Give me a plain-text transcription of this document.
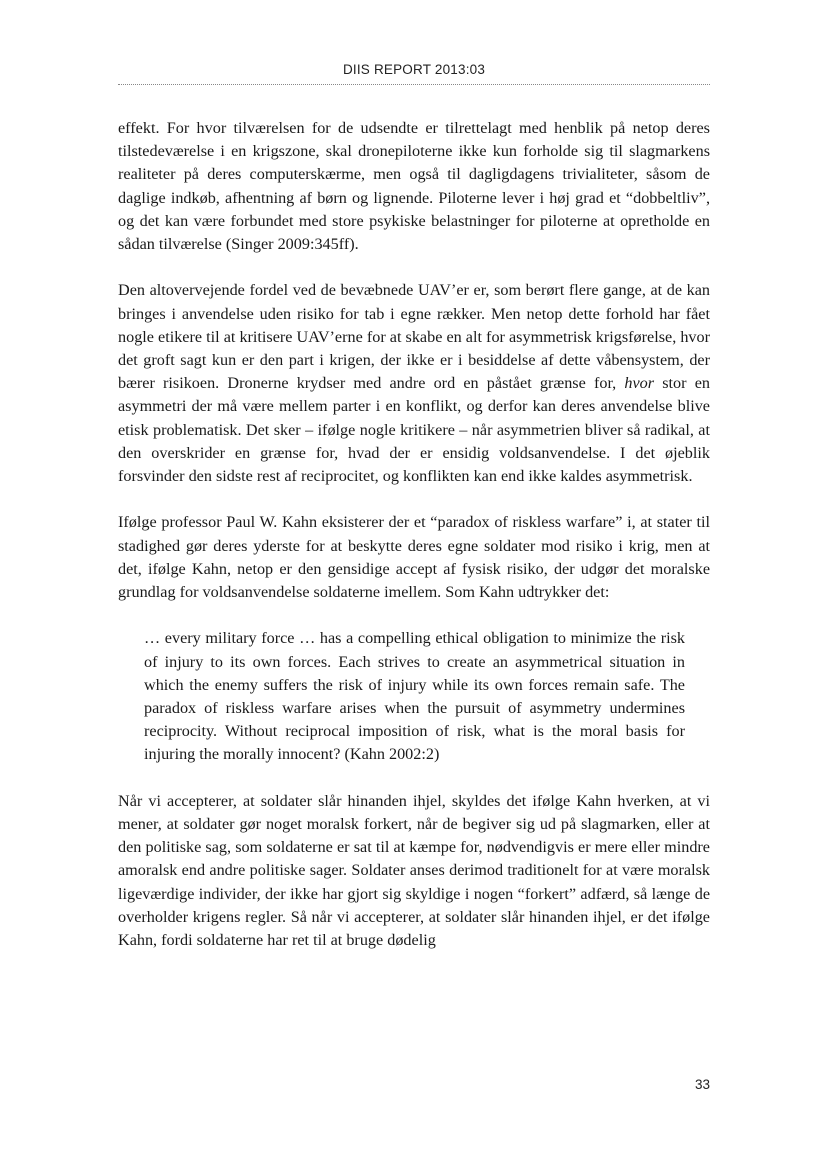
DIIS REPORT 2013:03

effekt. For hvor tilværelsen for de udsendte er tilrettelagt med henblik på netop deres tilstedeværelse i en krigszone, skal dronepiloterne ikke kun forholde sig til slagmarkens realiteter på deres computerskærme, men også til dagligdagens trivialiteter, såsom de daglige indkøb, afhentning af børn og lignende. Piloterne lever i høj grad et “dobbeltliv”, og det kan være forbundet med store psykiske belastninger for piloterne at opretholde en sådan tilværelse (Singer 2009:345ff).

Den altovervejende fordel ved de bevæbnede UAV’er er, som berørt flere gange, at de kan bringes i anvendelse uden risiko for tab i egne rækker. Men netop dette forhold har fået nogle etikere til at kritisere UAV’erne for at skabe en alt for asymmetrisk krigsførelse, hvor det groft sagt kun er den part i krigen, der ikke er i besiddelse af dette våbensystem, der bærer risikoen. Dronerne krydser med andre ord en påstået grænse for, hvor stor en asymmetri der må være mellem parter i en konflikt, og derfor kan deres anvendelse blive etisk problematisk. Det sker – ifølge nogle kritikere – når asymmetrien bliver så radikal, at den overskrider en grænse for, hvad der er ensidig voldsanvendelse. I det øjeblik forsvinder den sidste rest af reciprocitet, og konflikten kan end ikke kaldes asymmetrisk.

Ifølge professor Paul W. Kahn eksisterer der et “paradox of riskless warfare” i, at stater til stadighed gør deres yderste for at beskytte deres egne soldater mod risiko i krig, men at det, ifølge Kahn, netop er den gensidige accept af fysisk risiko, der udgør det moralske grundlag for voldsanvendelse soldaterne imellem. Som Kahn udtrykker det:

… every military force … has a compelling ethical obligation to minimize the risk of injury to its own forces. Each strives to create an asymmetrical situation in which the enemy suffers the risk of injury while its own forces remain safe. The paradox of riskless warfare arises when the pursuit of asymmetry undermines reciprocity. Without reciprocal imposition of risk, what is the moral basis for injuring the morally innocent? (Kahn 2002:2)

Når vi accepterer, at soldater slår hinanden ihjel, skyldes det ifølge Kahn hverken, at vi mener, at soldater gør noget moralsk forkert, når de begiver sig ud på slagmarken, eller at den politiske sag, som soldaterne er sat til at kæmpe for, nødvendigvis er mere eller mindre amoralsk end andre politiske sager. Soldater anses derimod traditionelt for at være moralsk ligeværdige individer, der ikke har gjort sig skyldige i nogen “forkert” adfærd, så længe de overholder krigens regler. Så når vi accepterer, at soldater slår hinanden ihjel, er det ifølge Kahn, fordi soldaterne har ret til at bruge dødelig

33
